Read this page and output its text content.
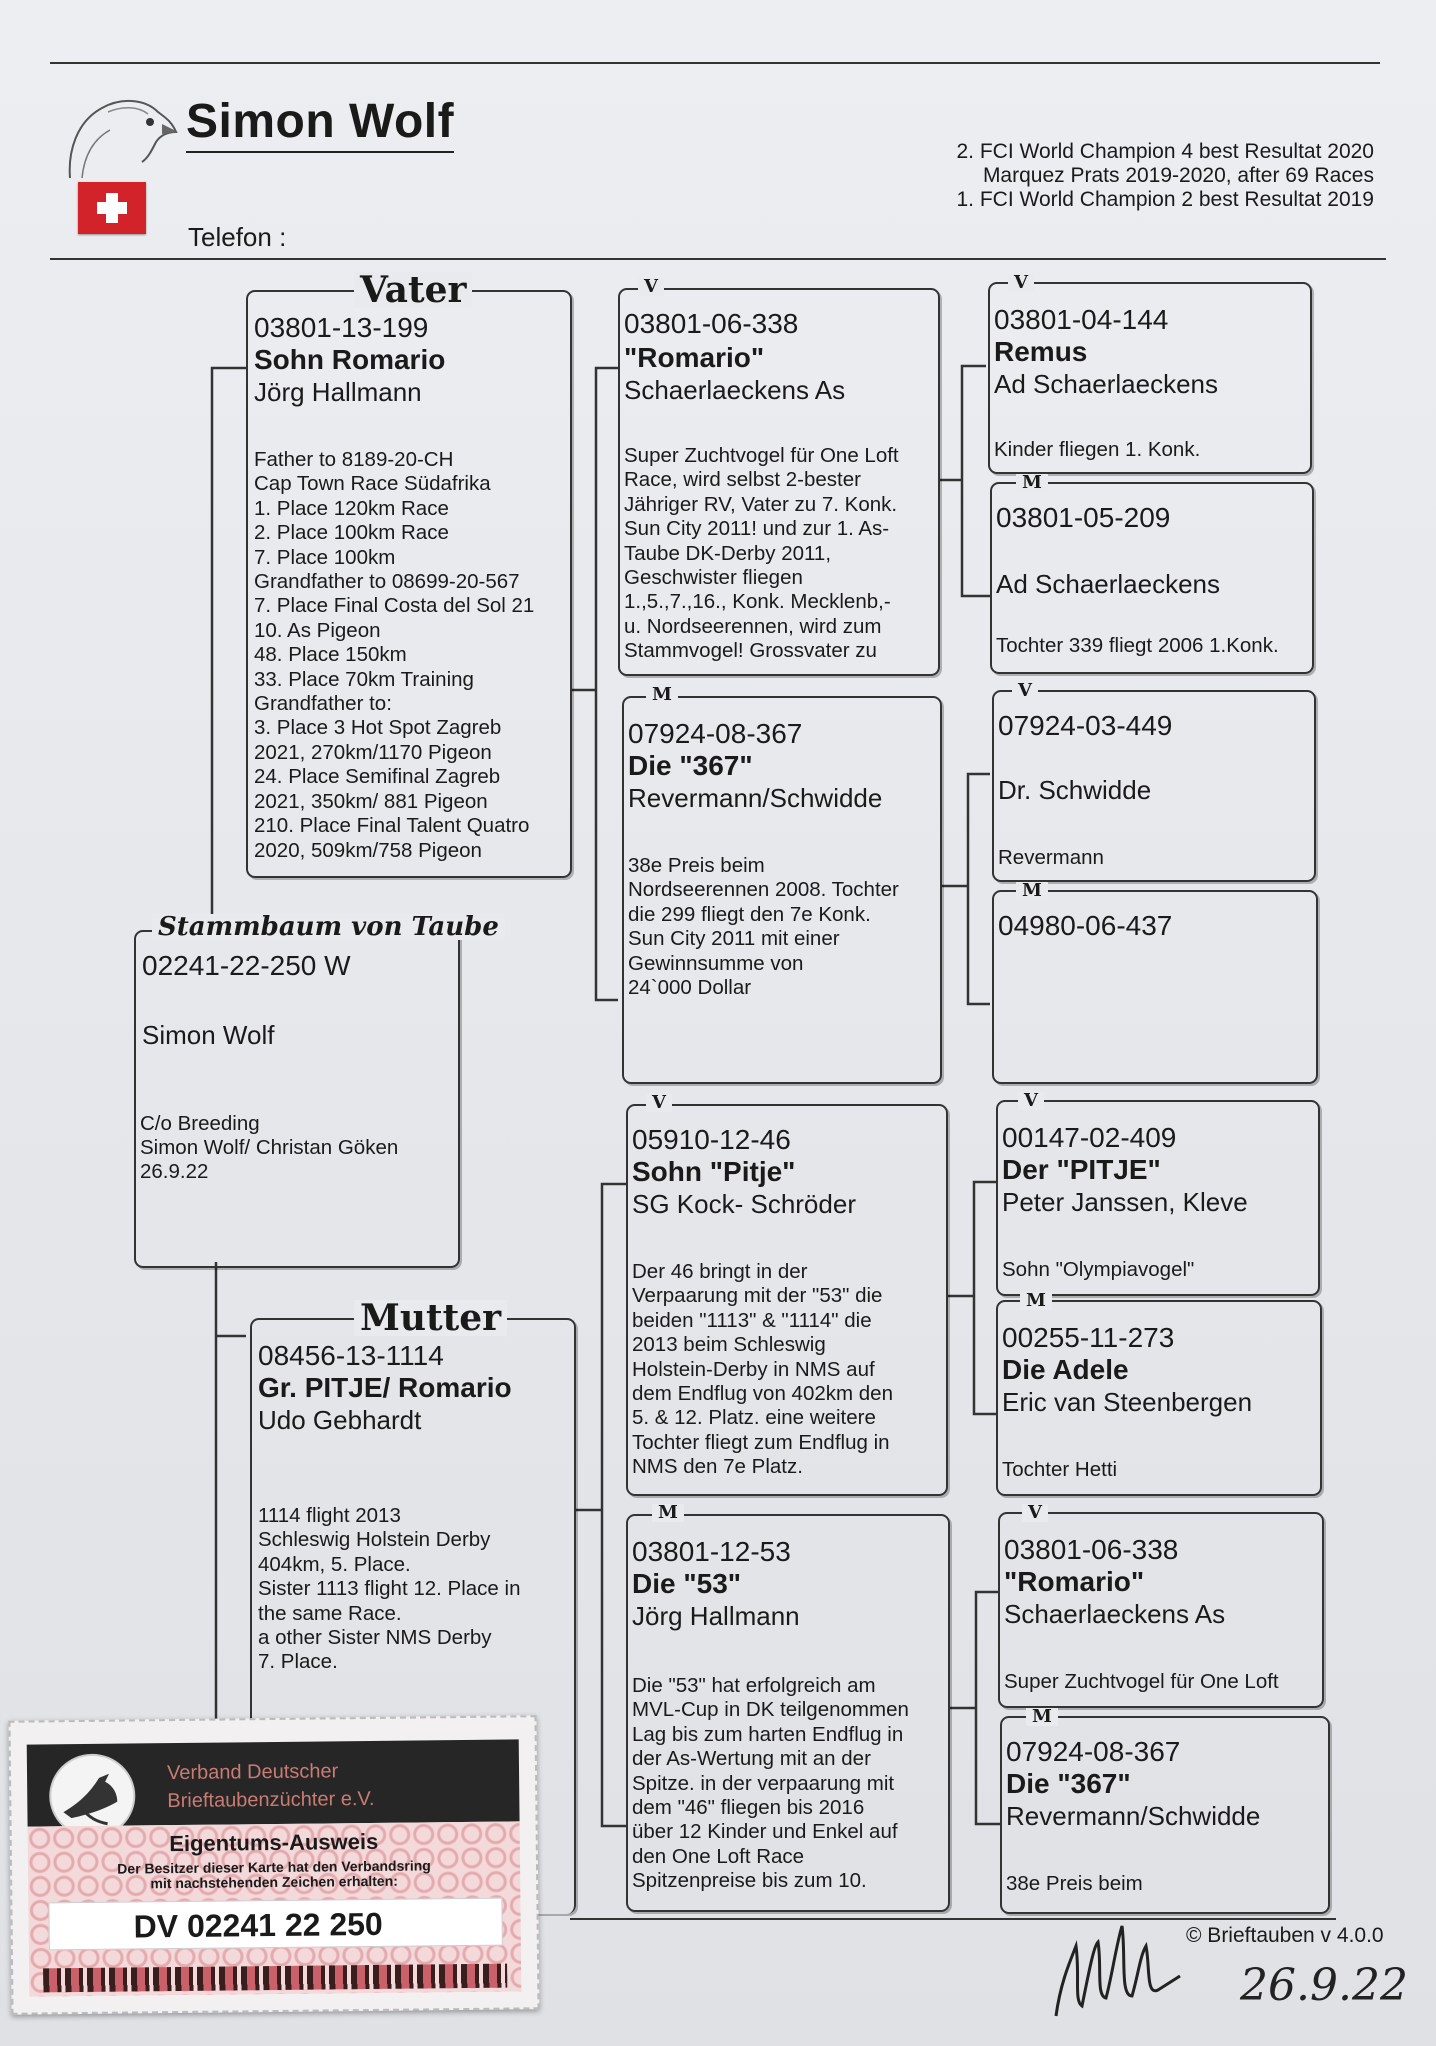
Simon Wolf
Telefon :
2. FCI World Champion 4 best Resultat 2020
Marquez Prats 2019-2020, after 69 Races
1. FCI World Champion 2 best Resultat 2019
02241-22-250 W
Simon Wolf
C/o Breeding
Simon Wolf/ Christan Göken
26.9.22
Stammbaum von Taube
03801-13-199
Sohn Romario
Jörg Hallmann
Father to 8189-20-CH
Cap Town Race Südafrika
1. Place 120km Race
2. Place 100km Race
7. Place 100km
Grandfather to 08699-20-567
7. Place Final Costa del Sol 21
10. As Pigeon
48. Place 150km
33. Place 70km Training
Grandfather to:
3. Place 3 Hot Spot Zagreb
2021, 270km/1170 Pigeon
24. Place Semifinal Zagreb
2021, 350km/ 881 Pigeon
210. Place Final Talent Quatro
2020, 509km/758 Pigeon
Vater
08456-13-1114
Gr. PITJE/ Romario
Udo Gebhardt
1114 flight 2013
Schleswig Holstein Derby
404km, 5. Place.
Sister 1113 flight 12. Place in
the same Race.
a other Sister NMS Derby
7. Place.
Mutter
03801-06-338
"Romario"
Schaerlaeckens As
Super Zuchtvogel für One Loft
Race, wird selbst 2-bester
Jähriger RV, Vater zu 7. Konk.
Sun City 2011! und zur 1. As-
Taube DK-Derby 2011,
Geschwister fliegen
1.,5.,7.,16., Konk. Mecklenb,-
u. Nordseerennen, wird zum
Stammvogel! Grossvater zu
V
07924-08-367
Die "367"
Revermann/Schwidde
38e Preis beim
Nordseerennen 2008. Tochter
die 299 fliegt den 7e Konk.
Sun City 2011 mit einer
Gewinnsumme von
24`000 Dollar
M
05910-12-46
Sohn "Pitje"
SG Kock- Schröder
Der 46 bringt in der
Verpaarung mit der "53" die
beiden "1113" & "1114" die
2013 beim Schleswig
Holstein-Derby in NMS auf
dem Endflug von 402km den
5. & 12. Platz. eine weitere
Tochter fliegt zum Endflug in
NMS den 7e Platz.
V
03801-12-53
Die "53"
Jörg Hallmann
Die "53" hat erfolgreich am
MVL-Cup in DK teilgenommen
Lag bis zum harten Endflug in
der As-Wertung mit an der
Spitze. in der verpaarung mit
dem "46" fliegen bis 2016
über 12 Kinder und Enkel auf
den One Loft Race
Spitzenpreise bis zum 10.
M
03801-04-144
Remus
Ad Schaerlaeckens
Kinder fliegen 1. Konk.
V
03801-05-209
Ad Schaerlaeckens
Tochter 339 fliegt 2006 1.Konk.
M
07924-03-449
Dr. Schwidde
Revermann
V
04980-06-437
M
00147-02-409
Der "PITJE"
Peter Janssen, Kleve
Sohn "Olympiavogel"
V
00255-11-273
Die Adele
Eric van Steenbergen
Tochter Hetti
M
03801-06-338
"Romario"
Schaerlaeckens As
Super Zuchtvogel für One Loft
V
07924-08-367
Die "367"
Revermann/Schwidde
38e Preis beim
M
© Brieftauben v 4.0.0
26.9.22
Verband Deutscher
Brieftaubenzüchter e.V.
Eigentums-Ausweis
Der Besitzer dieser Karte hat den Verbandsring
mit nachstehenden Zeichen erhalten:
DV 02241 22 250
